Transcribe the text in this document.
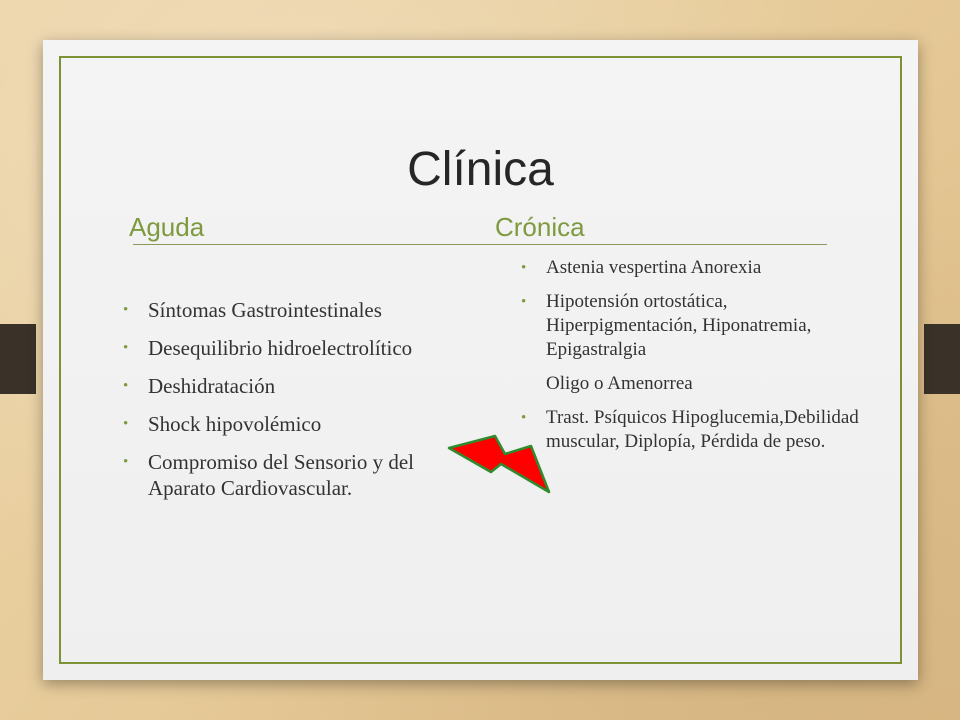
Clínica
Aguda	Crónica
• Síntomas Gastrointestinales
• Desequilibrio hidroelectrolítico
• Deshidratación
• Shock hipovolémico
• Compromiso del Sensorio y del Aparato Cardiovascular.
• Astenia vespertina Anorexia
• Hipotensión ortostática, Hiperpigmentación, Hiponatremia, Epigastralgia
Oligo o Amenorrea
• Trast. Psíquicos Hipoglucemia,Debilidad muscular, Diplopía, Pérdida de peso.
